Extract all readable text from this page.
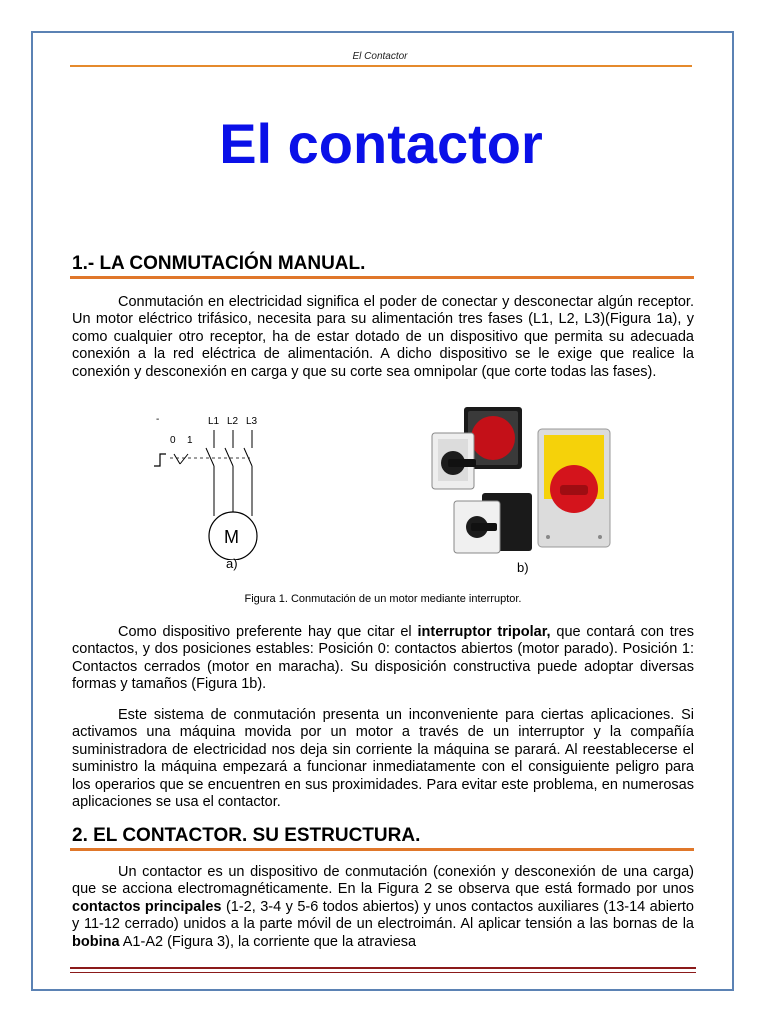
El Contactor
El contactor
1.- LA CONMUTACIÓN MANUAL.

Conmutación en electricidad significa el poder de conectar y desconectar algún receptor. Un motor eléctrico trifásico, necesita para su alimentación tres fases (L1, L2, L3)(Figura 1a), y como cualquier otro receptor, ha de estar dotado de un dispositivo que permita su adecuada conexión a la red eléctrica de alimentación. A dicho dispositivo se le exige que realice la conexión y desconexión en carga y que su corte sea omnipolar (que corte todas las fases).

-
0 1
L1 L2 L3
M
a)	b)
Figura 1. Conmutación de un motor mediante interruptor.

Como dispositivo preferente hay que citar el interruptor tripolar, que contará con tres contactos, y dos posiciones estables: Posición 0: contactos abiertos (motor parado). Posición 1: Contactos cerrados (motor en maracha). Su disposición constructiva puede adoptar diversas formas y tamaños (Figura 1b).

Este sistema de conmutación presenta un inconveniente para ciertas aplicaciones. Si activamos una máquina movida por un motor a través de un interruptor y la compañía suministradora de electricidad nos deja sin corriente la máquina se parará. Al reestablecerse el suministro la máquina empezará a funcionar inmediatamente con el consiguiente peligro para los operarios que se encuentren en sus proximidades. Para evitar este problema, en numerosas aplicaciones se usa el contactor.

2. EL CONTACTOR. SU ESTRUCTURA.

Un contactor es un dispositivo de conmutación (conexión y desconexión de una carga) que se acciona electromagnéticamente. En la Figura 2 se observa que está formado por unos contactos principales (1-2, 3-4 y 5-6 todos abiertos) y unos contactos auxiliares (13-14 abierto y 11-12 cerrado) unidos a la parte móvil de un electroimán. Al aplicar tensión a las bornas de la bobina A1-A2 (Figura 3), la corriente que la atraviesa
